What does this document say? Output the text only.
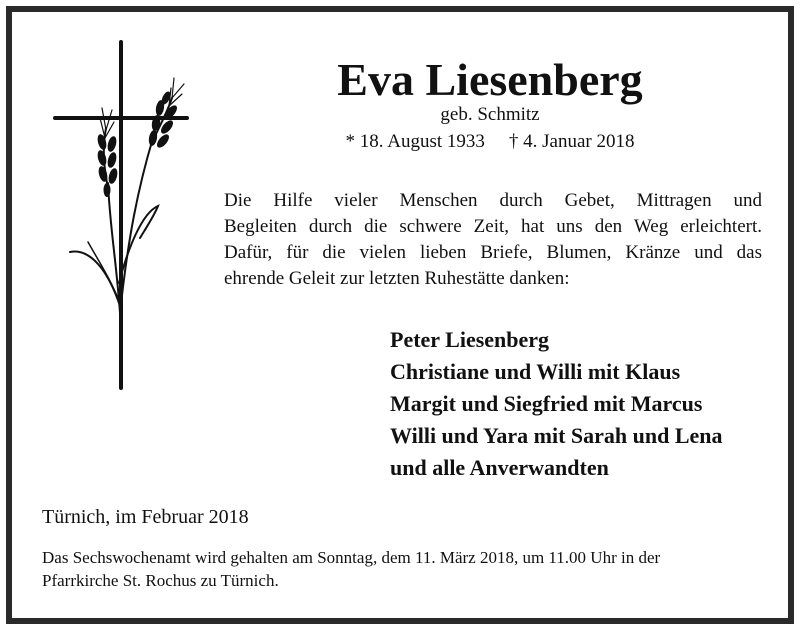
Eva Liesenberg
geb. Schmitz
* 18. August 1933 † 4. Januar 2018
Die Hilfe vieler Menschen durch Gebet, Mittragen und
Begleiten durch die schwere Zeit, hat uns den Weg erleichtert.
Dafür, für die vielen lieben Briefe, Blumen, Kränze und das
ehrende Geleit zur letzten Ruhestätte danken:
Peter Liesenberg
Christiane und Willi mit Klaus
Margit und Siegfried mit Marcus
Willi und Yara mit Sarah und Lena
und alle Anverwandten
Türnich, im Februar 2018
Das Sechswochenamt wird gehalten am Sonntag, dem 11. März 2018, um 11.00 Uhr in der
Pfarrkirche St. Rochus zu Türnich.
